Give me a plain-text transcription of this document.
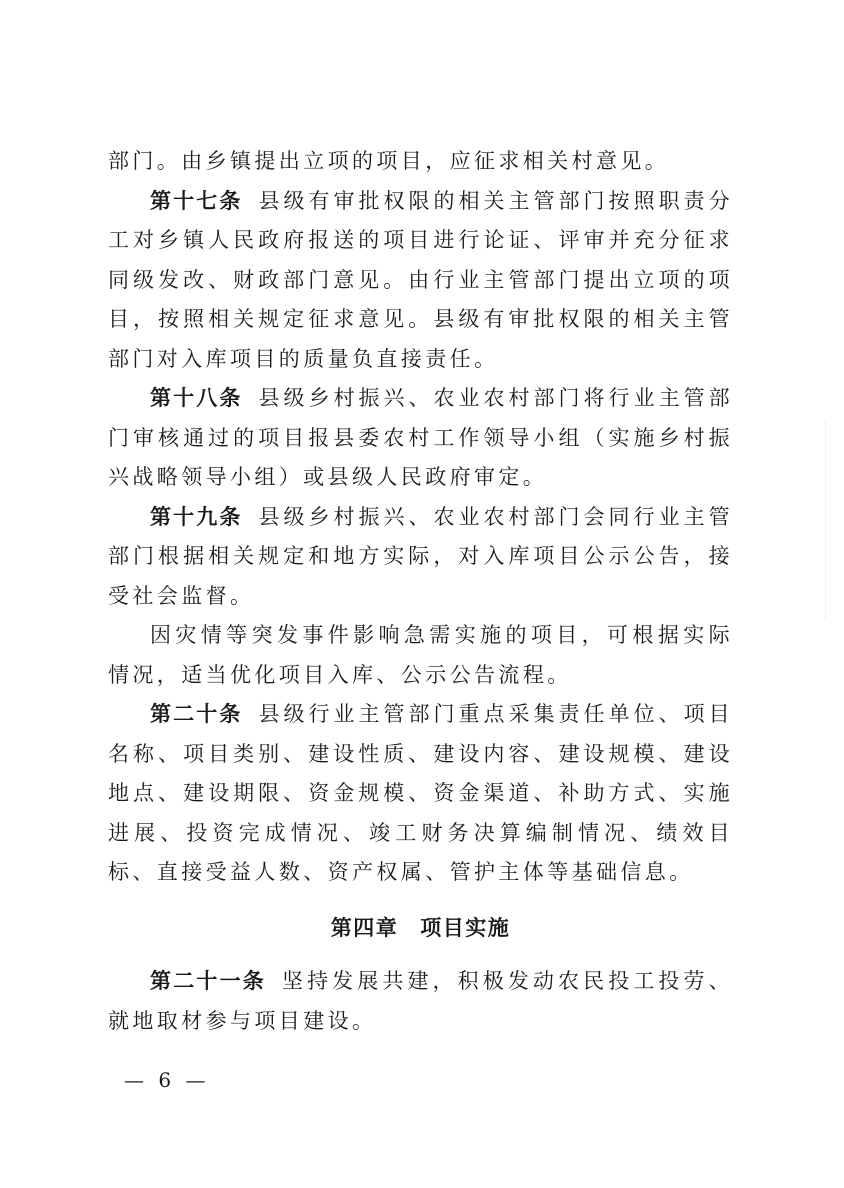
部门。由乡镇提出立项的项目，应征求相关村意见。

第十七条 县级有审批权限的相关主管部门按照职责分工对乡镇人民政府报送的项目进行论证、评审并充分征求同级发改、财政部门意见。由行业主管部门提出立项的项目，按照相关规定征求意见。县级有审批权限的相关主管部门对入库项目的质量负直接责任。

第十八条 县级乡村振兴、农业农村部门将行业主管部门审核通过的项目报县委农村工作领导小组（实施乡村振兴战略领导小组）或县级人民政府审定。

第十九条 县级乡村振兴、农业农村部门会同行业主管部门根据相关规定和地方实际，对入库项目公示公告，接受社会监督。

因灾情等突发事件影响急需实施的项目，可根据实际情况，适当优化项目入库、公示公告流程。

第二十条 县级行业主管部门重点采集责任单位、项目名称、项目类别、建设性质、建设内容、建设规模、建设地点、建设期限、资金规模、资金渠道、补助方式、实施进展、投资完成情况、竣工财务决算编制情况、绩效目标、直接受益人数、资产权属、管护主体等基础信息。

第四章 项目实施

第二十一条 坚持发展共建，积极发动农民投工投劳、就地取材参与项目建设。

— 6 —
